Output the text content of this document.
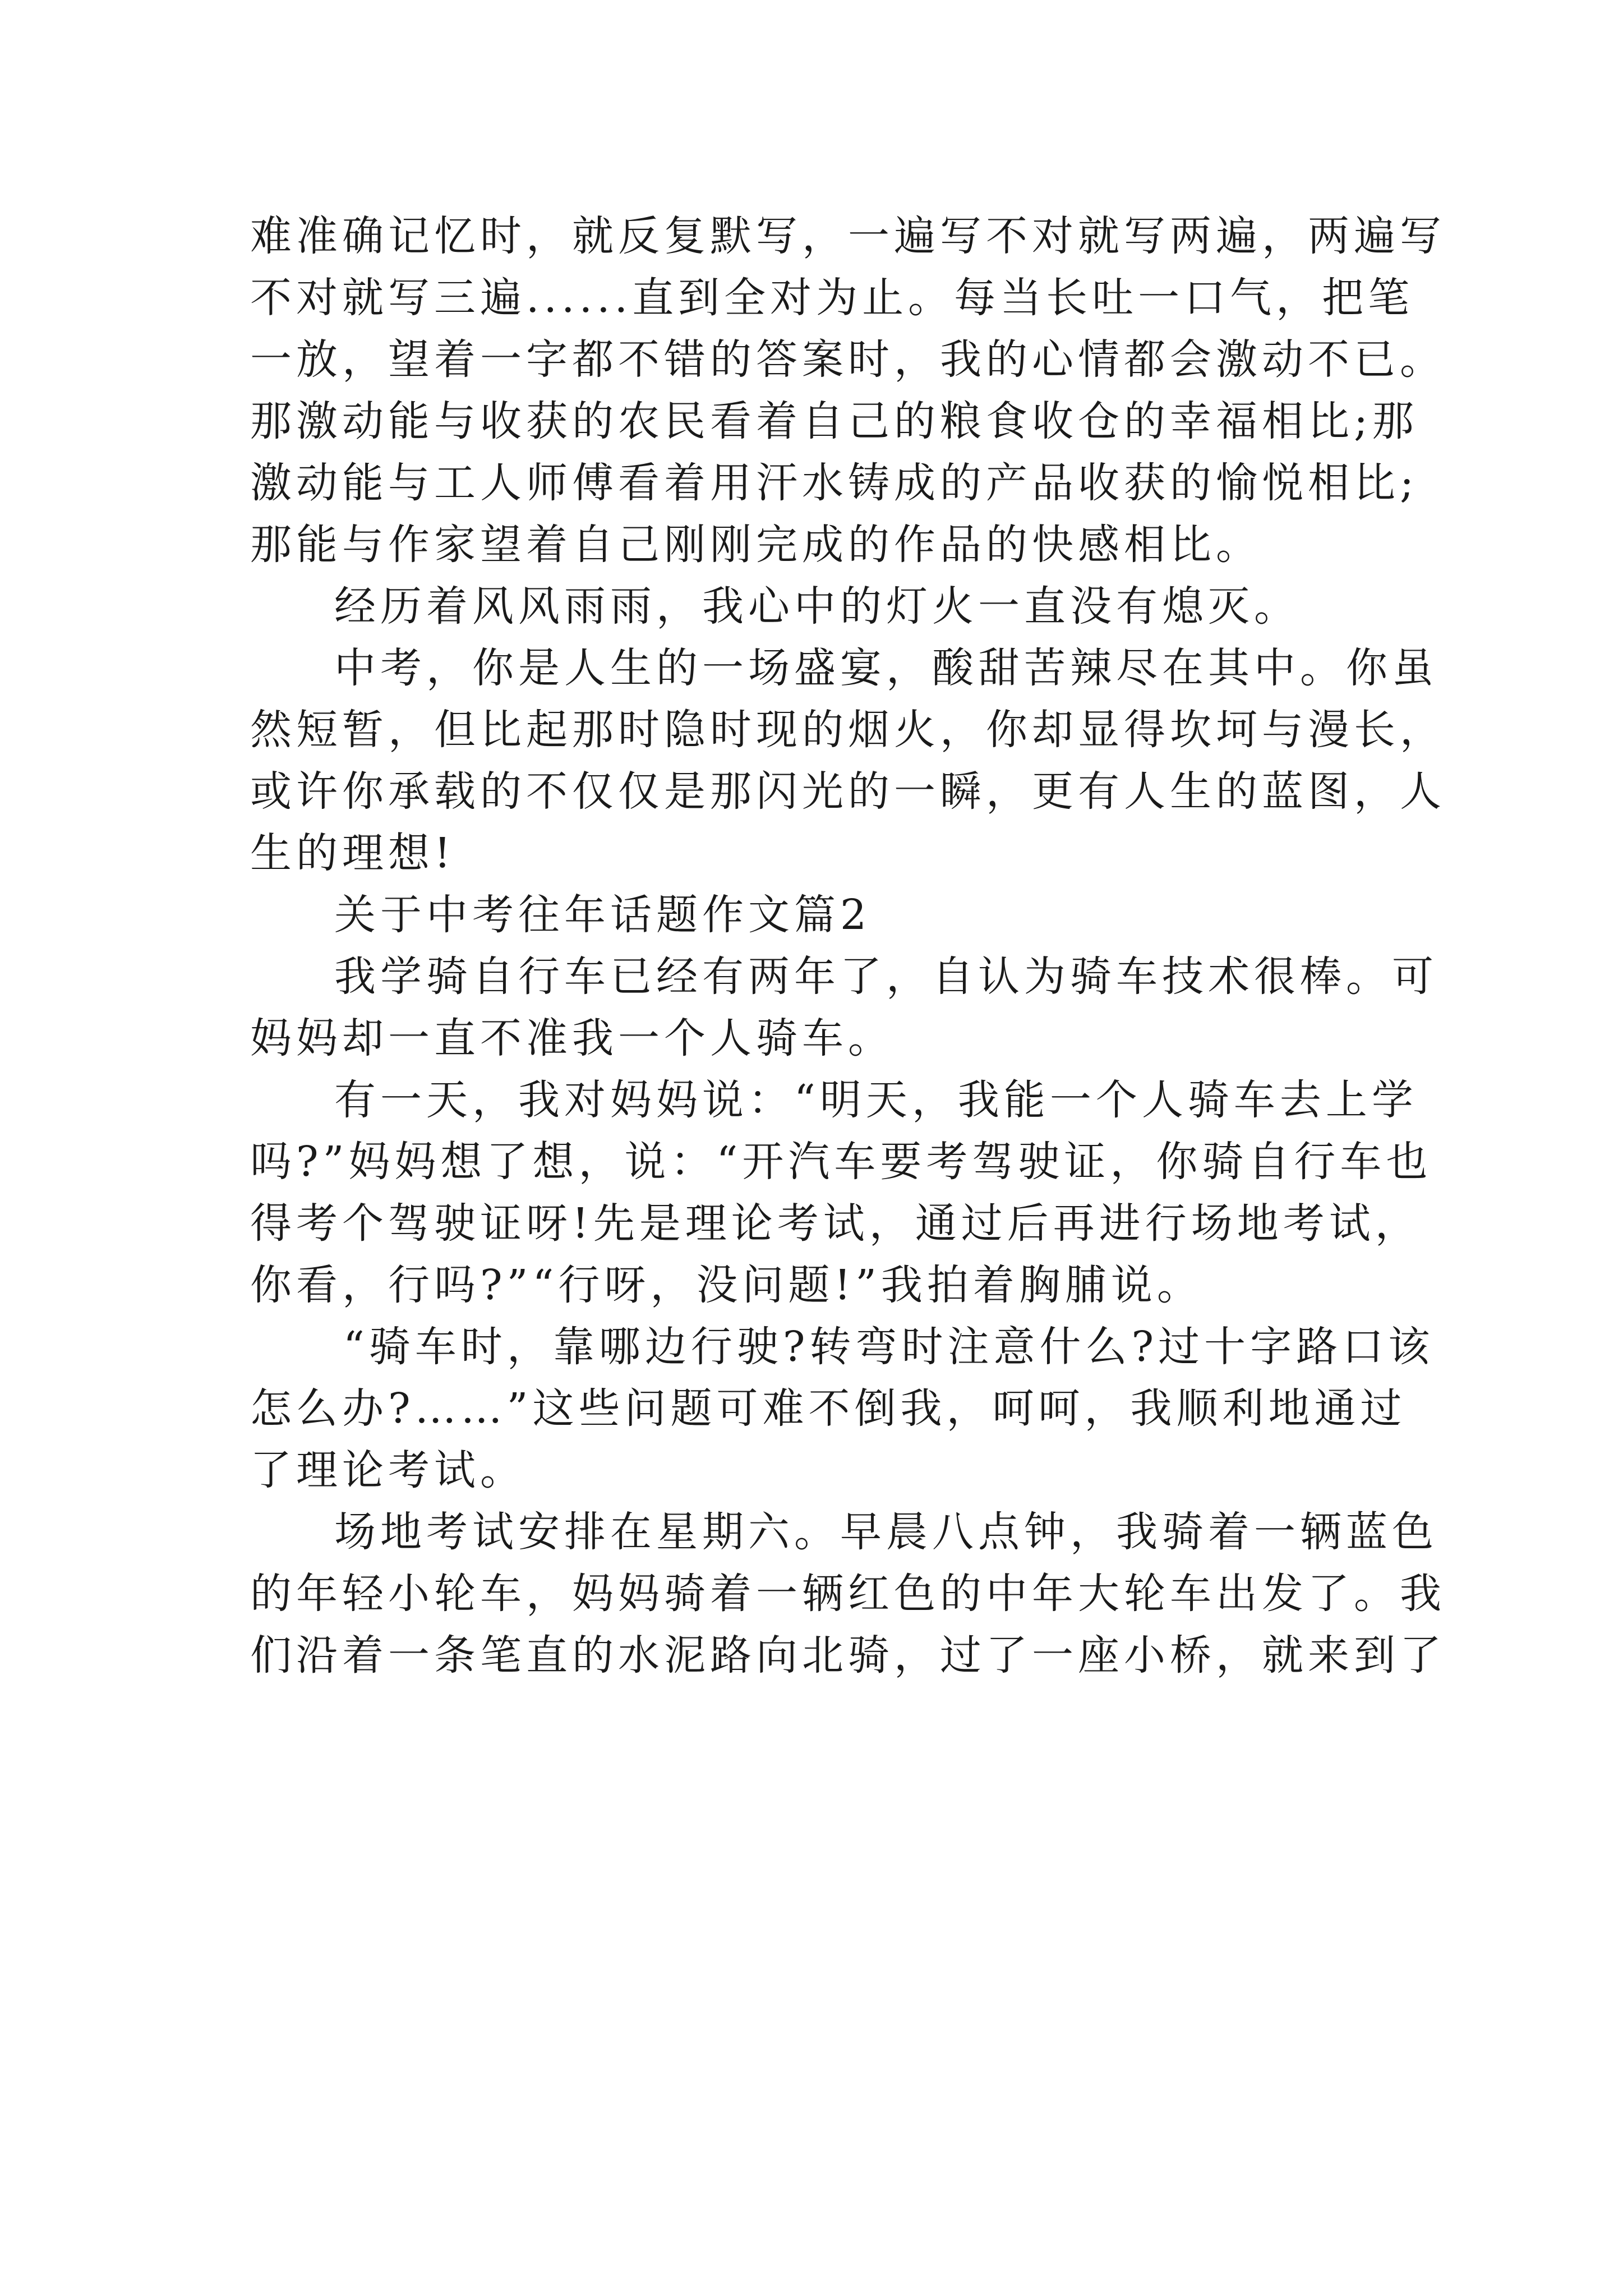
难准确记忆时，就反复默写，一遍写不对就写两遍，两遍写
不对就写三遍......直到全对为止。每当长吐一口气，把笔
一放，望着一字都不错的答案时，我的心情都会激动不已。
那激动能与收获的农民看着自己的粮食收仓的幸福相比;那
激动能与工人师傅看着用汗水铸成的产品收获的愉悦相比;
那能与作家望着自己刚刚完成的作品的快感相比。
经历着风风雨雨，我心中的灯火一直没有熄灭。
中考，你是人生的一场盛宴，酸甜苦辣尽在其中。你虽
然短暂，但比起那时隐时现的烟火，你却显得坎坷与漫长，
或许你承载的不仅仅是那闪光的一瞬，更有人生的蓝图，人
生的理想!
关于中考往年话题作文篇2
我学骑自行车已经有两年了，自认为骑车技术很棒。可
妈妈却一直不准我一个人骑车。
有一天，我对妈妈说：“明天，我能一个人骑车去上学
吗?”妈妈想了想，说：“开汽车要考驾驶证，你骑自行车也
得考个驾驶证呀!先是理论考试，通过后再进行场地考试，
你看，行吗?”“行呀，没问题!”我拍着胸脯说。
“骑车时，靠哪边行驶?转弯时注意什么?过十字路口该
怎么办?……”这些问题可难不倒我，呵呵，我顺利地通过
了理论考试。
场地考试安排在星期六。早晨八点钟，我骑着一辆蓝色
的年轻小轮车，妈妈骑着一辆红色的中年大轮车出发了。我
们沿着一条笔直的水泥路向北骑，过了一座小桥，就来到了
